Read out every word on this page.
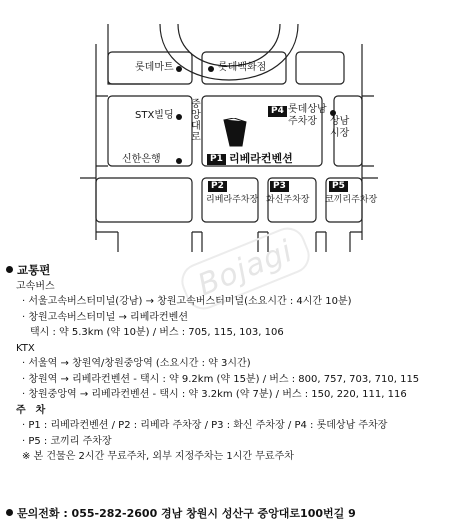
Bojagi
롯데마트	롯데백화점
STX빌딩
신한은행
중앙대로
P4 롯데상남
주차장 상남
시장
P1 리베라컨벤션
P2
리베라주차장
P3
화신주차장
P5
코끼리주차장

교통편

고속버스

· 서울고속버스터미널(강남) → 창원고속버스터미널(소요시간 : 4시간 10분)

· 창원고속버스터미널 → 리베라컨벤션

택시 : 약 5.3km (약 10분) / 버스 : 705, 115, 103, 106

KTX

· 서울역 → 창원역/창원중앙역 (소요시간 : 약 3시간)

· 창원역 → 리베라컨벤션 - 택시 : 약 9.2km (약 15분) / 버스 : 800, 757, 703, 710, 115

· 창원중앙역 → 리베라컨벤션 - 택시 : 약 3.2km (약 7분) / 버스 : 150, 220, 111, 116

주　차

· P1 : 리베라컨벤션 / P2 : 리베라 주차장 / P3 : 화신 주차장 / P4 : 롯데상남 주차장

· P5 : 코끼리 주차장

※ 본 건물은 2시간 무료주차, 외부 지정주차는 1시간 무료주차

문의전화 : 055-282-2600 경남 창원시 성산구 중앙대로100번길 9
